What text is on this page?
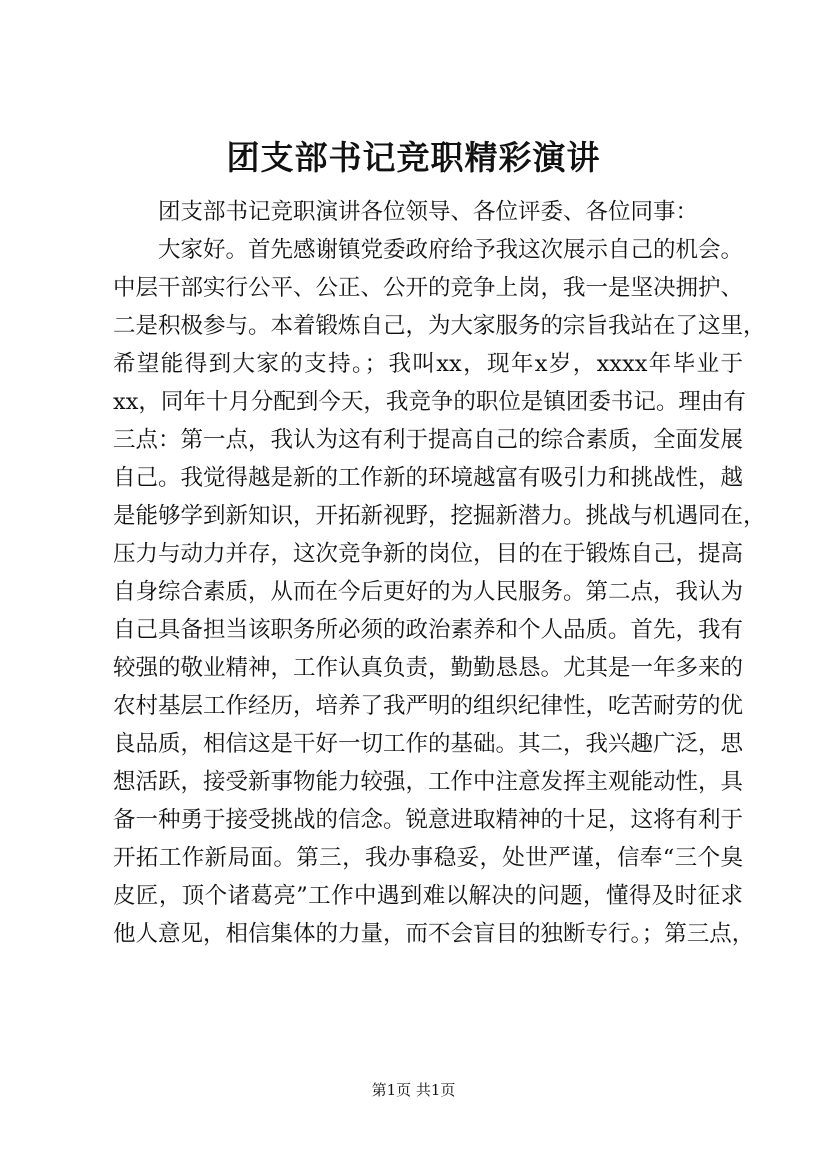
团支部书记竞职精彩演讲
团支部书记竞职演讲各位领导、各位评委、各位同事：
大家好。首先感谢镇党委政府给予我这次展示自己的机会。
中层干部实行公平、公正、公开的竞争上岗，我一是坚决拥护、
二是积极参与。本着锻炼自己，为大家服务的宗旨我站在了这里，
希望能得到大家的支持。；我叫xx，现年x岁，xxxx年毕业于
xx，同年十月分配到今天，我竞争的职位是镇团委书记。理由有
三点：第一点，我认为这有利于提高自己的综合素质，全面发展
自己。我觉得越是新的工作新的环境越富有吸引力和挑战性，越
是能够学到新知识，开拓新视野，挖掘新潜力。挑战与机遇同在，
压力与动力并存，这次竞争新的岗位，目的在于锻炼自己，提高
自身综合素质，从而在今后更好的为人民服务。第二点，我认为
自己具备担当该职务所必须的政治素养和个人品质。首先，我有
较强的敬业精神，工作认真负责，勤勤恳恳。尤其是一年多来的
农村基层工作经历，培养了我严明的组织纪律性，吃苦耐劳的优
良品质，相信这是干好一切工作的基础。其二，我兴趣广泛，思
想活跃，接受新事物能力较强，工作中注意发挥主观能动性，具
备一种勇于接受挑战的信念。锐意进取精神的十足，这将有利于
开拓工作新局面。第三，我办事稳妥，处世严谨，信奉“三个臭
皮匠，顶个诸葛亮”工作中遇到难以解决的问题，懂得及时征求
他人意见，相信集体的力量，而不会盲目的独断专行。；第三点，
第1页 共1页
